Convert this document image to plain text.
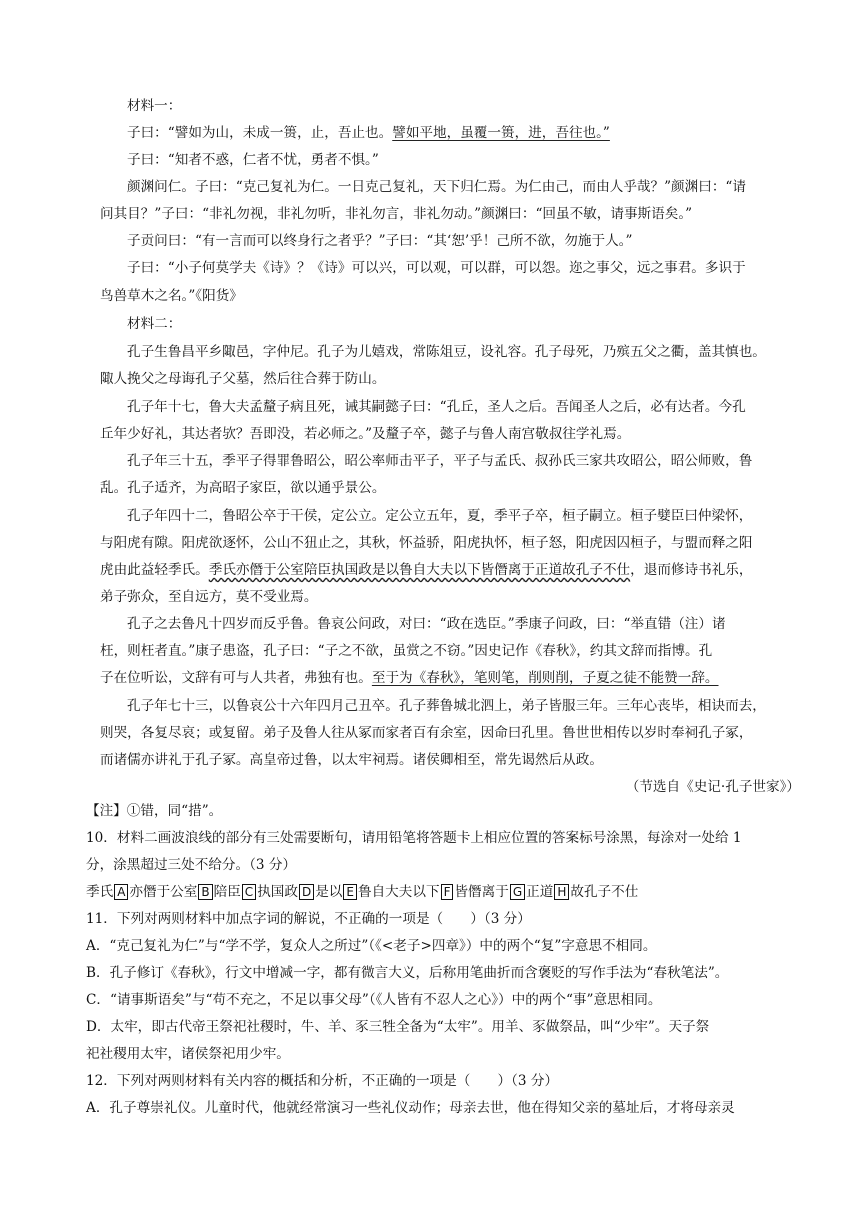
材料一：
子曰：“譬如为山，未成一篑，止，吾止也。譬如平地，虽覆一篑，进，吾往也。”
子曰：“知者不惑，仁者不忧，勇者不惧。”
颜渊问仁。子曰：“克己复礼为仁。一日克己复礼，天下归仁焉。为仁由己，而由人乎哉？”颜渊曰：“请
问其目？”子曰：“非礼勿视，非礼勿听，非礼勿言，非礼勿动。”颜渊曰：“回虽不敏，请事斯语矣。”
子贡问曰：“有一言而可以终身行之者乎？”子曰：“其‘恕’乎！己所不欲，勿施于人。”
子曰：“小子何莫学夫《诗》？《诗》可以兴，可以观，可以群，可以怨。迩之事父，远之事君。多识于
鸟兽草木之名。”《阳货》
材料二：
孔子生鲁昌平乡陬邑，字仲尼。孔子为儿嬉戏，常陈俎豆，设礼容。孔子母死，乃殡五父之衢，盖其慎也。
陬人挽父之母诲孔子父墓，然后往合葬于防山。
孔子年十七，鲁大夫孟釐子病且死，诫其嗣懿子曰：“孔丘，圣人之后。吾闻圣人之后，必有达者。今孔
丘年少好礼，其达者欤？吾即没，若必师之。”及釐子卒，懿子与鲁人南宫敬叔往学礼焉。
孔子年三十五，季平子得罪鲁昭公，昭公率师击平子，平子与孟氏、叔孙氏三家共攻昭公，昭公师败，鲁
乱。孔子适齐，为高昭子家臣，欲以通乎景公。
孔子年四十二，鲁昭公卒于干侯，定公立。定公立五年，夏，季平子卒，桓子嗣立。桓子嬖臣曰仲梁怀，
与阳虎有隙。阳虎欲逐怀，公山不狃止之，其秋，怀益骄，阳虎执怀，桓子怒，阳虎因囚桓子，与盟而释之阳
虎由此益轻季氏。季氏亦僭于公室陪臣执国政是以鲁自大夫以下皆僭离于正道故孔子不仕，退而修诗书礼乐，
弟子弥众，至自远方，莫不受业焉。
孔子之去鲁凡十四岁而反乎鲁。鲁哀公问政，对曰：“政在选臣。”季康子问政，曰：“举直错（注）诸
枉，则枉者直。”康子患盗，孔子曰：“子之不欲，虽赏之不窃。”因史记作《春秋》，约其文辞而指博。孔
子在位听讼，文辞有可与人共者，弗独有也。至于为《春秋》，笔则笔，削则削，子夏之徒不能赞一辞。
孔子年七十三，以鲁哀公十六年四月己丑卒。孔子葬鲁城北泗上，弟子皆服三年。三年心丧毕，相诀而去，
则哭，各复尽哀；或复留。弟子及鲁人往从冢而家者百有余室，因命曰孔里。鲁世世相传以岁时奉祠孔子冢，
而诸儒亦讲礼于孔子冢。高皇帝过鲁，以太牢祠焉。诸侯卿相至，常先谒然后从政。
（节选自《史记·孔子世家》）
【注】①错，同“措”。
10．材料二画波浪线的部分有三处需要断句，请用铅笔将答题卡上相应位置的答案标号涂黑，每涂对一处给 1
分，涂黑超过三处不给分。（3 分）
季氏 A 亦僭于公室 B 陪臣 C 执国政 D 是以 E 鲁自大夫以下 F 皆僭离于 G 正道 H 故孔子不仕
11．下列对两则材料中加点字词的解说，不正确的一项是（　　）（3 分）
A．“克己复礼为仁”与“学不学，复众人之所过”（《<老子>四章》）中的两个“复”字意思不相同。
B．孔子修订《春秋》，行文中增减一字，都有微言大义，后称用笔曲折而含褒贬的写作手法为“春秋笔法”。
C．“请事斯语矣”与“苟不充之，不足以事父母”（《人皆有不忍人之心》）中的两个“事”意思相同。
D．太牢，即古代帝王祭祀社稷时，牛、羊、豕三牲全备为“太牢”。用羊、豕做祭品，叫“少牢”。天子祭
祀社稷用太牢，诸侯祭祀用少牢。
12．下列对两则材料有关内容的概括和分析，不正确的一项是（　　）（3 分）
A．孔子尊崇礼仪。儿童时代，他就经常演习一些礼仪动作；母亲去世，他在得知父亲的墓址后，才将母亲灵
